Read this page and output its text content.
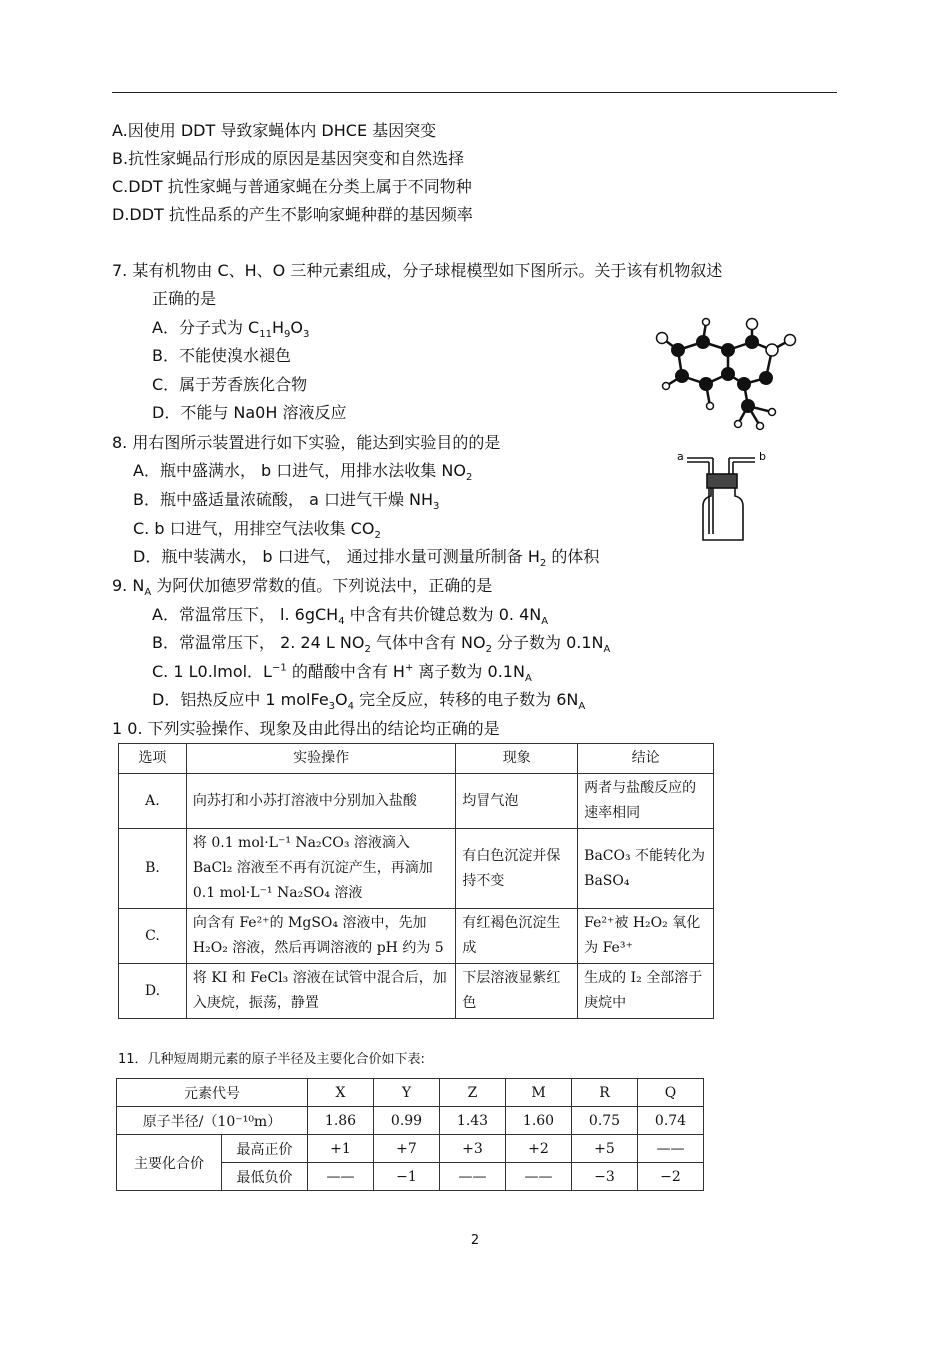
A.因使用 DDT 导致家蝇体内 DHCE 基因突变
B.抗性家蝇品行形成的原因是基因突变和自然选择
C.DDT 抗性家蝇与普通家蝇在分类上属于不同物种
D.DDT 抗性品系的产生不影响家蝇种群的基因频率
7. 某有机物由 C、H、O 三种元素组成，分子球棍模型如下图所示。关于该有机物叙述
正确的是
A．分子式为 $C_{11}H_9O_3$
B．不能使溴水褪色
C．属于芳香族化合物
D．不能与 Na0H 溶液反应
8. 用右图所示装置进行如下实验，能达到实验目的的是
A．瓶中盛满水， b 口进气，用排水法收集 $NO_2$
B．瓶中盛适量浓硫酸， a 口进气干燥 $NH_3$
C. b 口进气，用排空气法收集 $CO_2$
D．瓶中装满水， b 口进气， 通过排水量可测量所制备 $H_2$ 的体积
a	b
9. $N_A$ 为阿伏加德罗常数的值。下列说法中，正确的是
A．常温常压下， l. 6gCH$_4$ 中含有共价键总数为 0. $4N_A$
B．常温常压下， 2. 24 L $NO_2$ 气体中含有 $NO_2$ 分子数为 $0.1N_A$
C. 1 L0.lmol．$L^{-1}$ 的醋酸中含有 H+ 离子数为 $0.1N_A$
D．铝热反应中 1 $molFe_3O_4$ 完全反应，转移的电子数为 $6N_A$
1 0. 下列实验操作、现象及由此得出的结论均正确的是
选项	实验操作	现象	结论
A.	向苏打和小苏打溶液中分别加入盐酸	均冒气泡	两者与盐酸反应的速率相同
B.	将 0.1 mol·L⁻¹ Na₂CO₃ 溶液滴入 BaCl₂ 溶液至不再有沉淀产生，再滴加 0.1 mol·L⁻¹ Na₂SO₄ 溶液	有白色沉淀并保持不变	BaCO₃ 不能转化为 BaSO₄
C.	向含有 Fe²⁺的 MgSO₄ 溶液中，先加 H₂O₂ 溶液，然后再调溶液的 pH 约为 5	有红褐色沉淀生成	Fe²⁺被 H₂O₂ 氧化为 Fe³⁺
D.	将 KI 和 FeCl₃ 溶液在试管中混合后，加入庚烷，振荡，静置	下层溶液显紫红色	生成的 I₂ 全部溶于庚烷中
11．几种短周期元素的原子半径及主要化合价如下表:
元素代号		X	Y	Z	M	R	Q
原子半径/（10⁻¹⁰m）		1.86	0.99	1.43	1.60	0.75	0.74
主要化合价	最高正价	+1	+7	+3	+2	+5	——
	最低负价	——	−1	——	——	−3	−2
2
